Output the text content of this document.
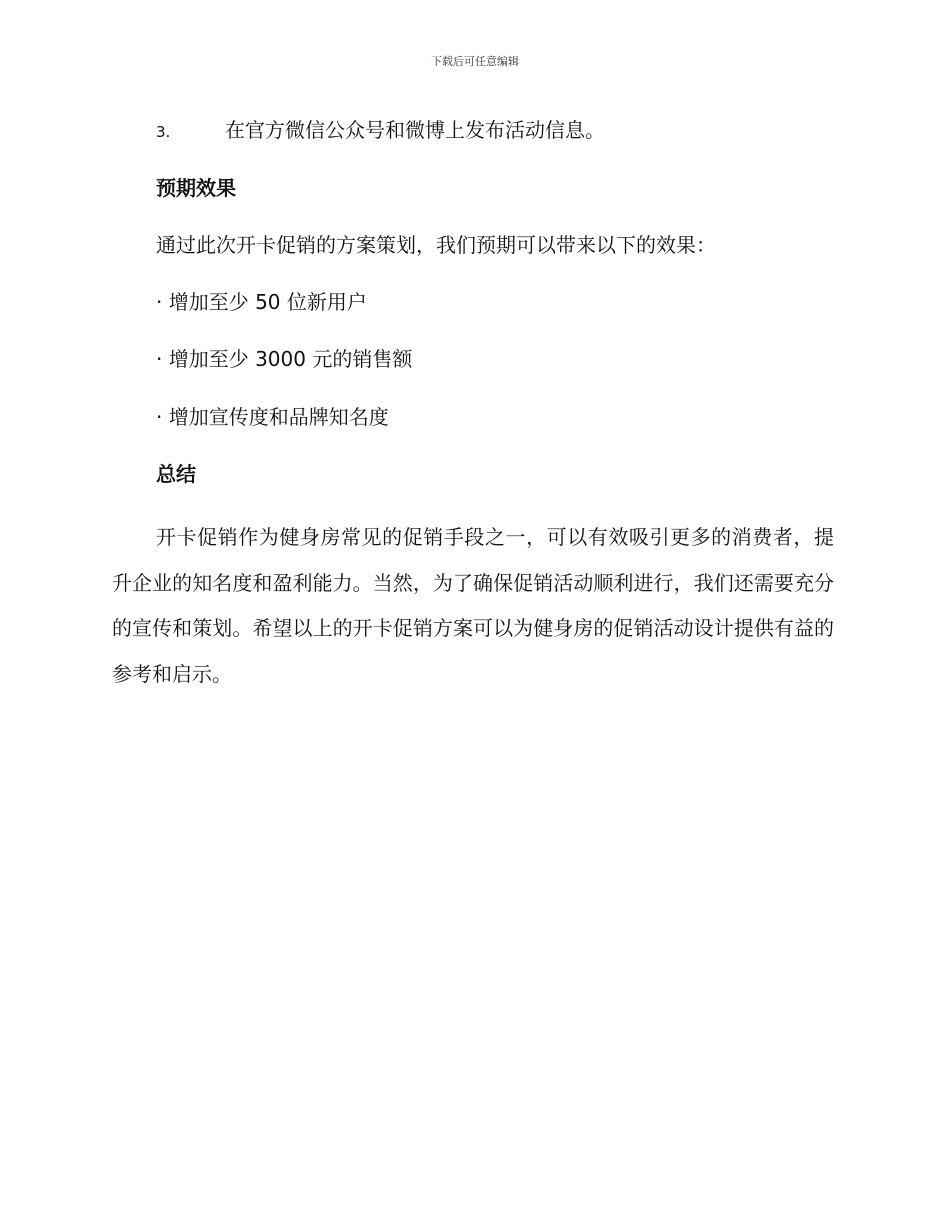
下载后可任意编辑
3.	在官方微信公众号和微博上发布活动信息。
预期效果
通过此次开卡促销的方案策划，我们预期可以带来以下的效果：
· 增加至少 50 位新用户
· 增加至少 3000 元的销售额
· 增加宣传度和品牌知名度
总结
开卡促销作为健身房常见的促销手段之一，可以有效吸引更多的消费者，提升企业的知名度和盈利能力。当然，为了确保促销活动顺利进行，我们还需要充分的宣传和策划。希望以上的开卡促销方案可以为健身房的促销活动设计提供有益的参考和启示。
